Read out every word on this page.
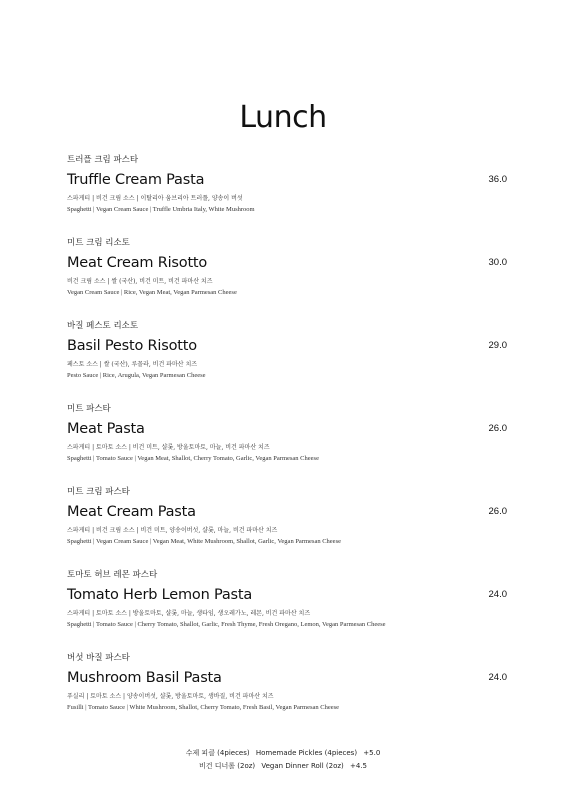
Lunch
트러플 크림 파스타
Truffle Cream Pasta
스파게티 | 비건 크림 소스 | 이탈리아 움브리아 트러플, 양송이 버섯
Spaghetti | Vegan Cream Sauce | Truffle Umbria Italy, White Mushroom
36.0
미트 크림 리소토
Meat Cream Risotto
비건 크림 소스 | 쌀 (국산), 비건 미트, 비건 파마산 치즈
Vegan Cream Sauce | Rice, Vegan Meat, Vegan Parmesan Cheese
30.0
바질 페스토 리소토
Basil Pesto Risotto
페스토 소스 | 쌀 (국산), 루꼴라, 비건 파마산 치즈
Pesto Sauce | Rice, Arugula, Vegan Parmesan Cheese
29.0
미트 파스타
Meat Pasta
스파게티 | 토마토 소스 | 비건 미트, 샬롯, 방울토마토, 마늘, 비건 파마산 치즈
Spaghetti | Tomato Sauce | Vegan Meat, Shallot, Cherry Tomato, Garlic, Vegan Parmesan Cheese
26.0
미트 크림 파스타
Meat Cream Pasta
스파게티 | 비건 크림 소스 | 비건 미트, 양송이버섯, 샬롯, 마늘, 비건 파마산 치즈
Spaghetti | Vegan Cream Sauce | Vegan Meat, White Mushroom, Shallot, Garlic, Vegan Parmesan Cheese
26.0
토마토 허브 레몬 파스타
Tomato Herb Lemon Pasta
스파게티 | 토마토 소스 | 방울토마토, 샬롯, 마늘, 생타임, 생오레가노, 레몬, 비건 파마산 치즈
Spaghetti | Tomato Sauce | Cherry Tomato, Shallot, Garlic, Fresh Thyme, Fresh Oregano, Lemon, Vegan Parmesan Cheese
24.0
버섯 바질 파스타
Mushroom Basil Pasta
푸실리 | 토마토 소스 | 양송이버섯, 샬롯, 방울토마토, 생바질, 비건 파마산 치즈
Fusilli | Tomato Sauce | White Mushroom, Shallot, Cherry Tomato, Fresh Basil, Vegan Parmesan Cheese
24.0
수제 피클 (4pieces) Homemade Pickles (4pieces) +5.0
비건 디너롤 (2oz) Vegan Dinner Roll (2oz) +4.5
